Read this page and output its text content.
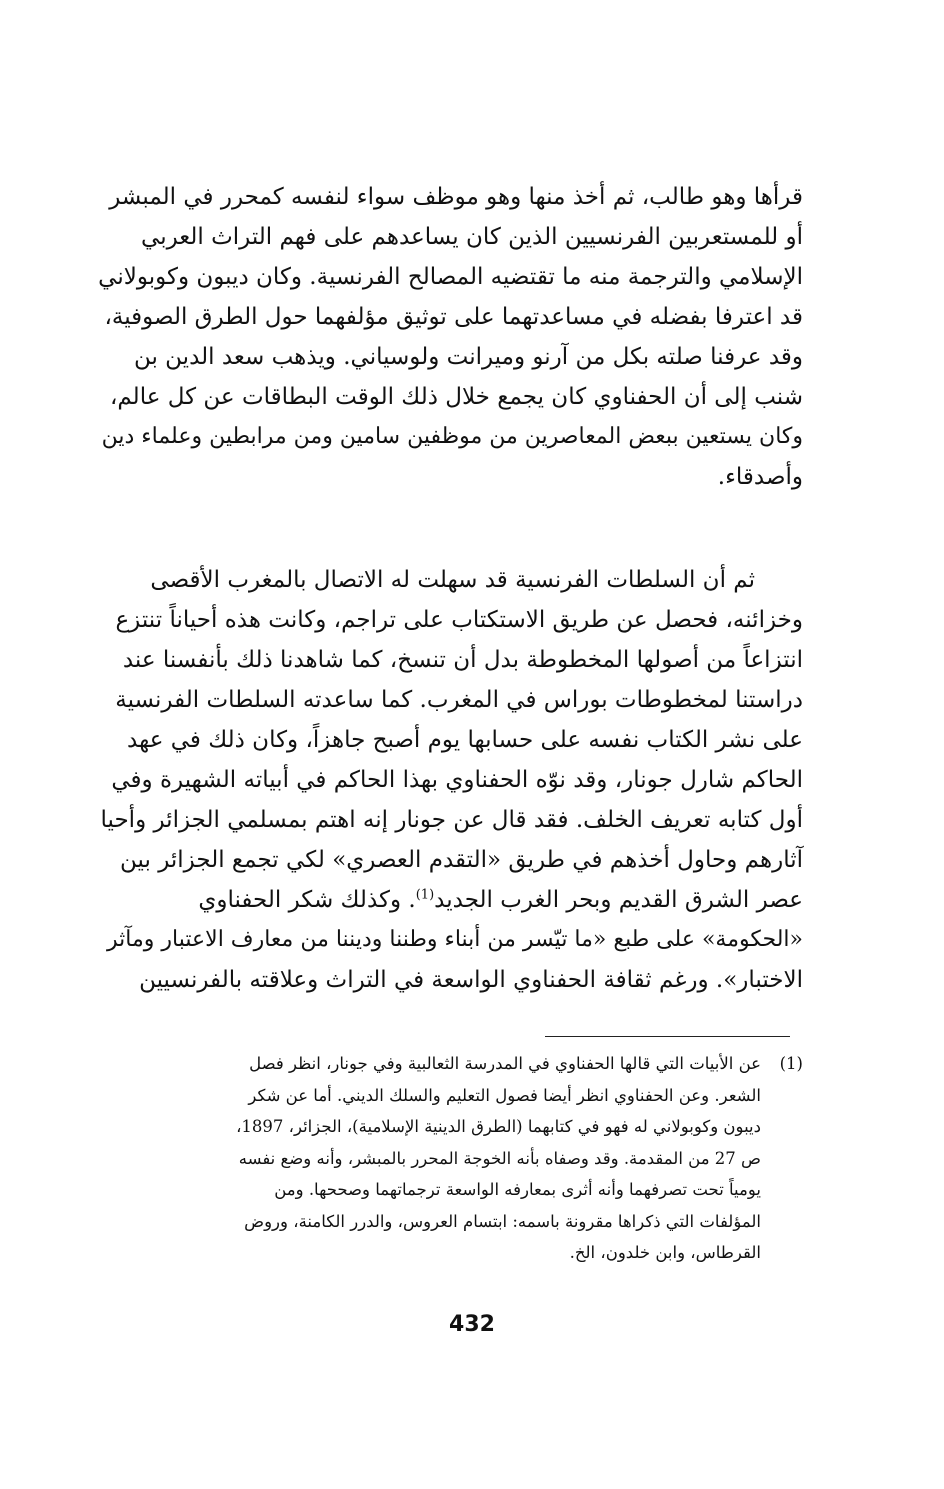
قرأها وهو طالب، ثم أخذ منها وهو موظف سواء لنفسه كمحرر في المبشر
أو للمستعربين الفرنسيين الذين كان يساعدهم على فهم التراث العربي
الإسلامي والترجمة منه ما تقتضيه المصالح الفرنسية. وكان ديبون وكوبولاني
قد اعترفا بفضله في مساعدتهما على توثيق مؤلفهما حول الطرق الصوفية،
وقد عرفنا صلته بكل من آرنو وميرانت ولوسياني. ويذهب سعد الدين بن
شنب إلى أن الحفناوي كان يجمع خلال ذلك الوقت البطاقات عن كل عالم،
وكان يستعين ببعض المعاصرين من موظفين سامين ومن مرابطين وعلماء دين
وأصدقاء.
ثم أن السلطات الفرنسية قد سهلت له الاتصال بالمغرب الأقصى
وخزائنه، فحصل عن طريق الاستكتاب على تراجم، وكانت هذه أحياناً تنتزع
انتزاعاً من أصولها المخطوطة بدل أن تنسخ، كما شاهدنا ذلك بأنفسنا عند
دراستنا لمخطوطات بوراس في المغرب. كما ساعدته السلطات الفرنسية
على نشر الكتاب نفسه على حسابها يوم أصبح جاهزاً، وكان ذلك في عهد
الحاكم شارل جونار، وقد نوّه الحفناوي بهذا الحاكم في أبياته الشهيرة وفي
أول كتابه تعريف الخلف. فقد قال عن جونار إنه اهتم بمسلمي الجزائر وأحيا
آثارهم وحاول أخذهم في طريق «التقدم العصري» لكي تجمع الجزائر بين
عصر الشرق القديم وبحر الغرب الجديد$^{(1)}$. وكذلك شكر الحفناوي
«الحكومة» على طبع «ما تيّسر من أبناء وطننا وديننا من معارف الاعتبار ومآثر
الاختبار». ورغم ثقافة الحفناوي الواسعة في التراث وعلاقته بالفرنسيين
(1)
عن الأبيات التي قالها الحفناوي في المدرسة الثعالبية وفي جونار، انظر فصل
الشعر. وعن الحفناوي انظر أيضا فصول التعليم والسلك الديني. أما عن شكر
ديبون وكوبولاني له فهو في كتابهما (الطرق الدينية الإسلامية)، الجزائر، 1897،
ص 27 من المقدمة. وقد وصفاه بأنه الخوجة المحرر بالمبشر، وأنه وضع نفسه
يومياً تحت تصرفهما وأنه أثرى بمعارفه الواسعة ترجماتهما وصححها. ومن
المؤلفات التي ذكراها مقرونة باسمه: ابتسام العروس، والدرر الكامنة، وروض
القرطاس، وابن خلدون، الخ.
432
